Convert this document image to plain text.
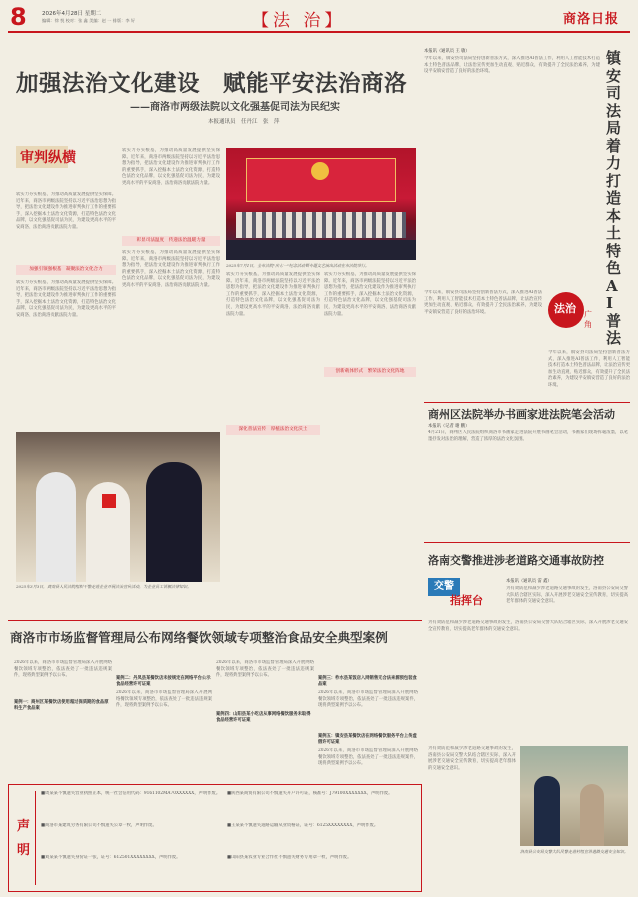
8	2026年4月28日 星期二
编辑：徐 悦 校对：张 鑫 美编：赵 一 排版：李 好	【法 治】	商洛日报
加强法治文化建设　赋能平安法治商洛
——商洛市两级法院以文化强基促司法为民纪实
本报通讯员　任丹江　张　萍
审判纵横
软实力夯实根基，为推动高质量发展提供坚实保障。近年来，商洛市两级法院坚持以习近平法治思想为指导，把法治文化建设作为推进审判执行工作的重要抓手，深入挖掘本土法治文化资源，打造特色法治文化品牌，以文化强基促司法为民，为建设更高水平的平安商洛、法治商洛贡献法院力量。
加强引领强根基　凝聚法治文化合力
软实力夯实根基，为推动高质量发展提供坚实保障。近年来，商洛市两级法院坚持以习近平法治思想为指导，把法治文化建设作为推进审判执行工作的重要抓手，深入挖掘本土法治文化资源，打造特色法治文化品牌，以文化强基促司法为民，为建设更高水平的平安商洛、法治商洛贡献法院力量。
软实力夯实根基，为推动高质量发展提供坚实保障。近年来，商洛市两级法院坚持以习近平法治思想为指导，把法治文化建设作为推进审判执行工作的重要抓手，深入挖掘本土法治文化资源，打造特色法治文化品牌，以文化强基促司法为民，为建设更高水平的平安商洛、法治商洛贡献法院力量。
彰显司法温度　传递法治温暖力量
软实力夯实根基，为推动高质量发展提供坚实保障。近年来，商洛市两级法院坚持以习近平法治思想为指导，把法治文化建设作为推进审判执行工作的重要抓手，深入挖掘本土法治文化资源，打造特色法治文化品牌，以文化强基促司法为民，为建设更高水平的平安商洛、法治商洛贡献法院力量。
2025年7月1日，全市法院"庆七一"纪念活动暨专题文艺演出活动在市法院举行。
2025年3月3日，商南县人民法院组织干警走进企业开展法治宣传活动，为企业员工讲解法律知识。
软实力夯实根基，为推动高质量发展提供坚实保障。近年来，商洛市两级法院坚持以习近平法治思想为指导，把法治文化建设作为推进审判执行工作的重要抓手，深入挖掘本土法治文化资源，打造特色法治文化品牌，以文化强基促司法为民，为建设更高水平的平安商洛、法治商洛贡献法院力量。
深化普法宣传　厚植法治文化沃土
软实力夯实根基，为推动高质量发展提供坚实保障。近年来，商洛市两级法院坚持以习近平法治思想为指导，把法治文化建设作为推进审判执行工作的重要抓手，深入挖掘本土法治文化资源，打造特色法治文化品牌，以文化强基促司法为民，为建设更高水平的平安商洛、法治商洛贡献法院力量。
创新载体形式　繁荣法治文化阵地
本报讯（通讯员 王 敏）
今年以来，镇安县司法局坚持创新普法方式，深入推进AI普法工作，利用人工智能技术打造本土特色普法品牌，让法治宣传更加生动直观、贴近群众，有效提升了全民法治素养，为建设平安镇安营造了良好的法治环境。
镇安司法局着力打造本土特色AI普法
法治 广角
今年以来，镇安县司法局坚持创新普法方式，深入推进AI普法工作，利用人工智能技术打造本土特色普法品牌，让法治宣传更加生动直观、贴近群众，有效提升了全民法治素养，为建设平安镇安营造了良好的法治环境。
今年以来，镇安县司法局坚持创新普法方式，深入推进AI普法工作，利用人工智能技术打造本土特色普法品牌，让法治宣传更加生动直观、贴近群众，有效提升了全民法治素养，为建设平安镇安营造了良好的法治环境。
商州区法院举办书画家进法院笔会活动
本报讯（记者 谢 鹏）
4月21日，商州区人民法院组织商洛市书画家走进法院开展书画笔会活动，书画家们现场挥毫泼墨，以笔墨抒发对法治的理解，营造了浓厚的法治文化氛围。
洛南交警推进涉老道路交通事故防控
交警
指挥台
本报讯（通讯员 雷 鑫）
为有效防范和减少涉老道路交通事故的发生，洛南县公安局交警大队结合辖区实际，深入开展涉老交通安全宣传教育，切实提高老年群体的交通安全意识。
为有效防范和减少涉老道路交通事故的发生，洛南县公安局交警大队结合辖区实际，深入开展涉老交通安全宣传教育，切实提高老年群体的交通安全意识。
洛南县公安局交警大队民警走进村组宣讲道路交通安全知识。
为有效防范和减少涉老道路交通事故的发生，洛南县公安局交警大队结合辖区实际，深入开展涉老交通安全宣传教育，切实提高老年群体的交通安全意识。
商洛市市场监督管理局公布网络餐饮领域专项整治食品安全典型案例
2026年以来，商洛市市场监督管理局深入开展网络餐饮领域专项整治，依法查处了一批违法违规案件，现将典型案例予以公布。
案例一：商州区某餐饮店使用超过保质期的食品原料生产食品案
案例二：丹凤县某餐饮店未按规定在网络平台公示食品经营许可证案
2026年以来，商洛市市场监督管理局深入开展网络餐饮领域专项整治，依法查处了一批违法违规案件，现将典型案例予以公布。
2026年以来，商洛市市场监督管理局深入开展网络餐饮领域专项整治，依法查处了一批违法违规案件，现将典型案例予以公布。
案例四：山阳县某小吃店从事网络餐饮服务未取得食品经营许可证案
案例三：柞水县某饭店入网销售无合法来源预包装食品案
2026年以来，商洛市市场监督管理局深入开展网络餐饮领域专项整治，依法查处了一批违法违规案件，现将典型案例予以公布。
案例五：镇安县某餐饮店在网络餐饮服务平台上传虚假许可证案
2026年以来，商洛市市场监督管理局深入开展网络餐饮领域专项整治，依法查处了一批违法违规案件，现将典型案例予以公布。
声
明
■周某某不慎遗失营业执照正本，统一社会信用代码：9161102MA70XXXXXX，声明作废。
■商洛市某建筑劳务有限公司不慎遗失公章一枚，声明作废。
■刘某某不慎遗失身份证一张，证号：612501XXXXXXXX，声明作废。
■陕西某商贸有限公司不慎遗失开户许可证，核准号：J79100XXXXXXX，声明作废。
■王某某不慎遗失道路运输从业资格证，证号：6125XXXXXXXX，声明作废。
■山阳县某农业专业合作社不慎遗失财务专用章一枚，声明作废。
